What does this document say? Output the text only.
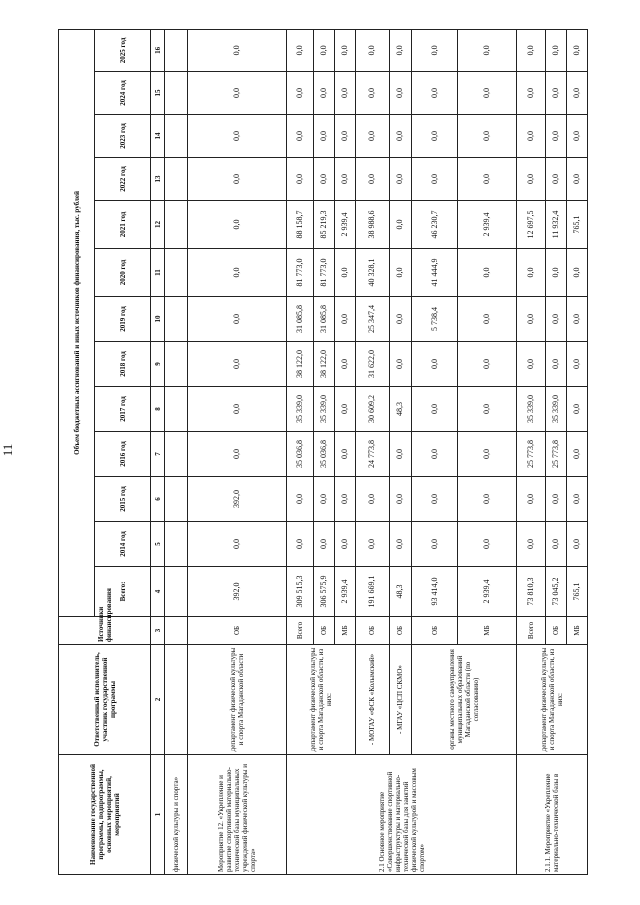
11
Наименование государственной программы, подпрограммы, основных мероприятий, мероприятий	Ответственный исполнитель, участник государственной программы	Источники финансирования	Объем бюджетных ассигнований и иных источников финансирования, тыс. рублей												
			Всего:	2014 год	2015 год	2016 год	2017 год	2018 год	2019 год	2020 год	2021 год	2022 год	2023 год	2024 год	2025 год
1	2	3	4	5	6	7	8	9	10	11	12	13	14	15	16
физической культуры и спорта»															
Мероприятие 12. «Укрепление и развитие спортивной материально-технической базы муниципальных учреждений физической культуры и спорта»	департамент физической культуры и спорта Магаданской области	ОБ	392,0	0,0	392,0	0,0	0,0	0,0	0,0	0,0	0,0	0,0	0,0	0,0	0,0
2.1 Основное мероприятие «Совершенствование спортивной инфраструктуры и материально-технической базы для занятий физической культурой и массовым спортом»	департамент физической культуры и спорта Магаданской области, из них:	Всего	309 515,3	0,0	0,0	35 036,8	35 339,0	38 122,0	31 085,8	81 773,0	88 158,7	0,0	0,0	0,0	0,0
		ОБ	306 575,9	0,0	0,0	35 036,8	35 339,0	38 122,0	31 085,8	81 773,0	85 219,3	0,0	0,0	0,0	0,0
		МБ	2 939,4	0,0	0,0	0,0	0,0	0,0	0,0	0,0	2 939,4	0,0	0,0	0,0	0,0
	- МОГАУ «ФСК «Колымский»	ОБ	191 669,1	0,0	0,0	24 773,8	30 609,2	31 622,0	25 347,4	40 328,1	38 988,6	0,0	0,0	0,0	0,0
	- МГАУ «ЦСП СКМО»	ОБ	48,3	0,0	0,0	0,0	48,3	0,0	0,0	0,0	0,0	0,0	0,0	0,0	0,0
	органы местного самоуправления муниципальных образований Магаданской области (по согласованию)	ОБ	93 414,0	0,0	0,0	0,0	0,0	0,0	5 738,4	41 444,9	46 230,7	0,0	0,0	0,0	0,0
		МБ	2 939,4	0,0	0,0	0,0	0,0	0,0	0,0	0,0	2 939,4	0,0	0,0	0,0	0,0
2.1.1. Мероприятие «Укрепление материально-технической базы в	департамент физической культуры и спорта Магаданской области, из них:	Всего	73 810,3	0,0	0,0	25 773,8	35 339,0	0,0	0,0	0,0	12 697,5	0,0	0,0	0,0	0,0
		ОБ	73 045,2	0,0	0,0	25 773,8	35 339,0	0,0	0,0	0,0	11 932,4	0,0	0,0	0,0	0,0
		МБ	765,1	0,0	0,0	0,0	0,0	0,0	0,0	0,0	765,1	0,0	0,0	0,0	0,0
